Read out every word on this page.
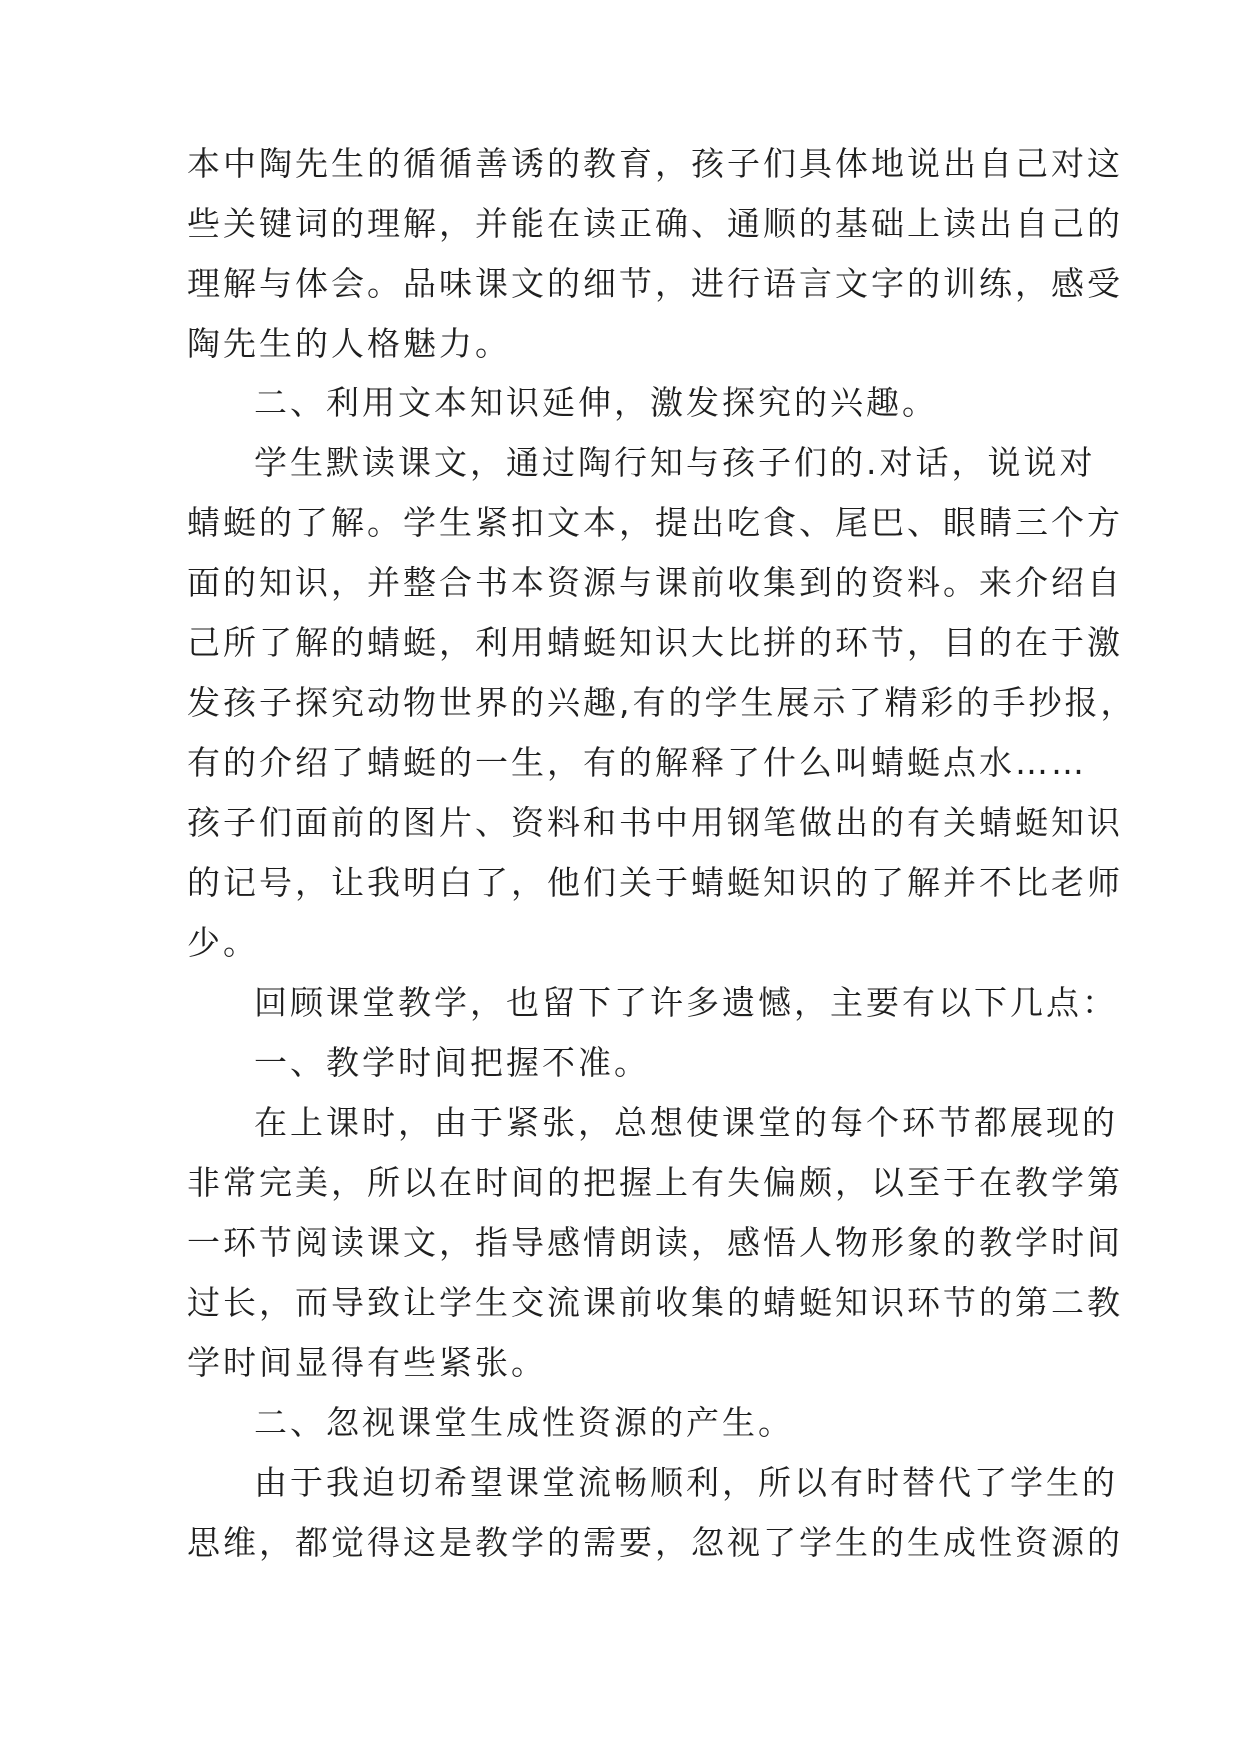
本中陶先生的循循善诱的教育，孩子们具体地说出自己对这
些关键词的理解，并能在读正确、通顺的基础上读出自己的
理解与体会。品味课文的细节，进行语言文字的训练，感受
陶先生的人格魅力。
二、利用文本知识延伸，激发探究的兴趣。
学生默读课文，通过陶行知与孩子们的.对话，说说对
蜻蜓的了解。学生紧扣文本，提出吃食、尾巴、眼睛三个方
面的知识，并整合书本资源与课前收集到的资料。来介绍自
己所了解的蜻蜓，利用蜻蜓知识大比拼的环节，目的在于激
发孩子探究动物世界的兴趣,有的学生展示了精彩的手抄报，
有的介绍了蜻蜓的一生，有的解释了什么叫蜻蜓点水……
孩子们面前的图片、资料和书中用钢笔做出的有关蜻蜓知识
的记号，让我明白了，他们关于蜻蜓知识的了解并不比老师
少。
回顾课堂教学，也留下了许多遗憾，主要有以下几点：
一、教学时间把握不准。
在上课时，由于紧张，总想使课堂的每个环节都展现的
非常完美，所以在时间的把握上有失偏颇，以至于在教学第
一环节阅读课文，指导感情朗读，感悟人物形象的教学时间
过长，而导致让学生交流课前收集的蜻蜓知识环节的第二教
学时间显得有些紧张。
二、忽视课堂生成性资源的产生。
由于我迫切希望课堂流畅顺利，所以有时替代了学生的
思维，都觉得这是教学的需要，忽视了学生的生成性资源的
